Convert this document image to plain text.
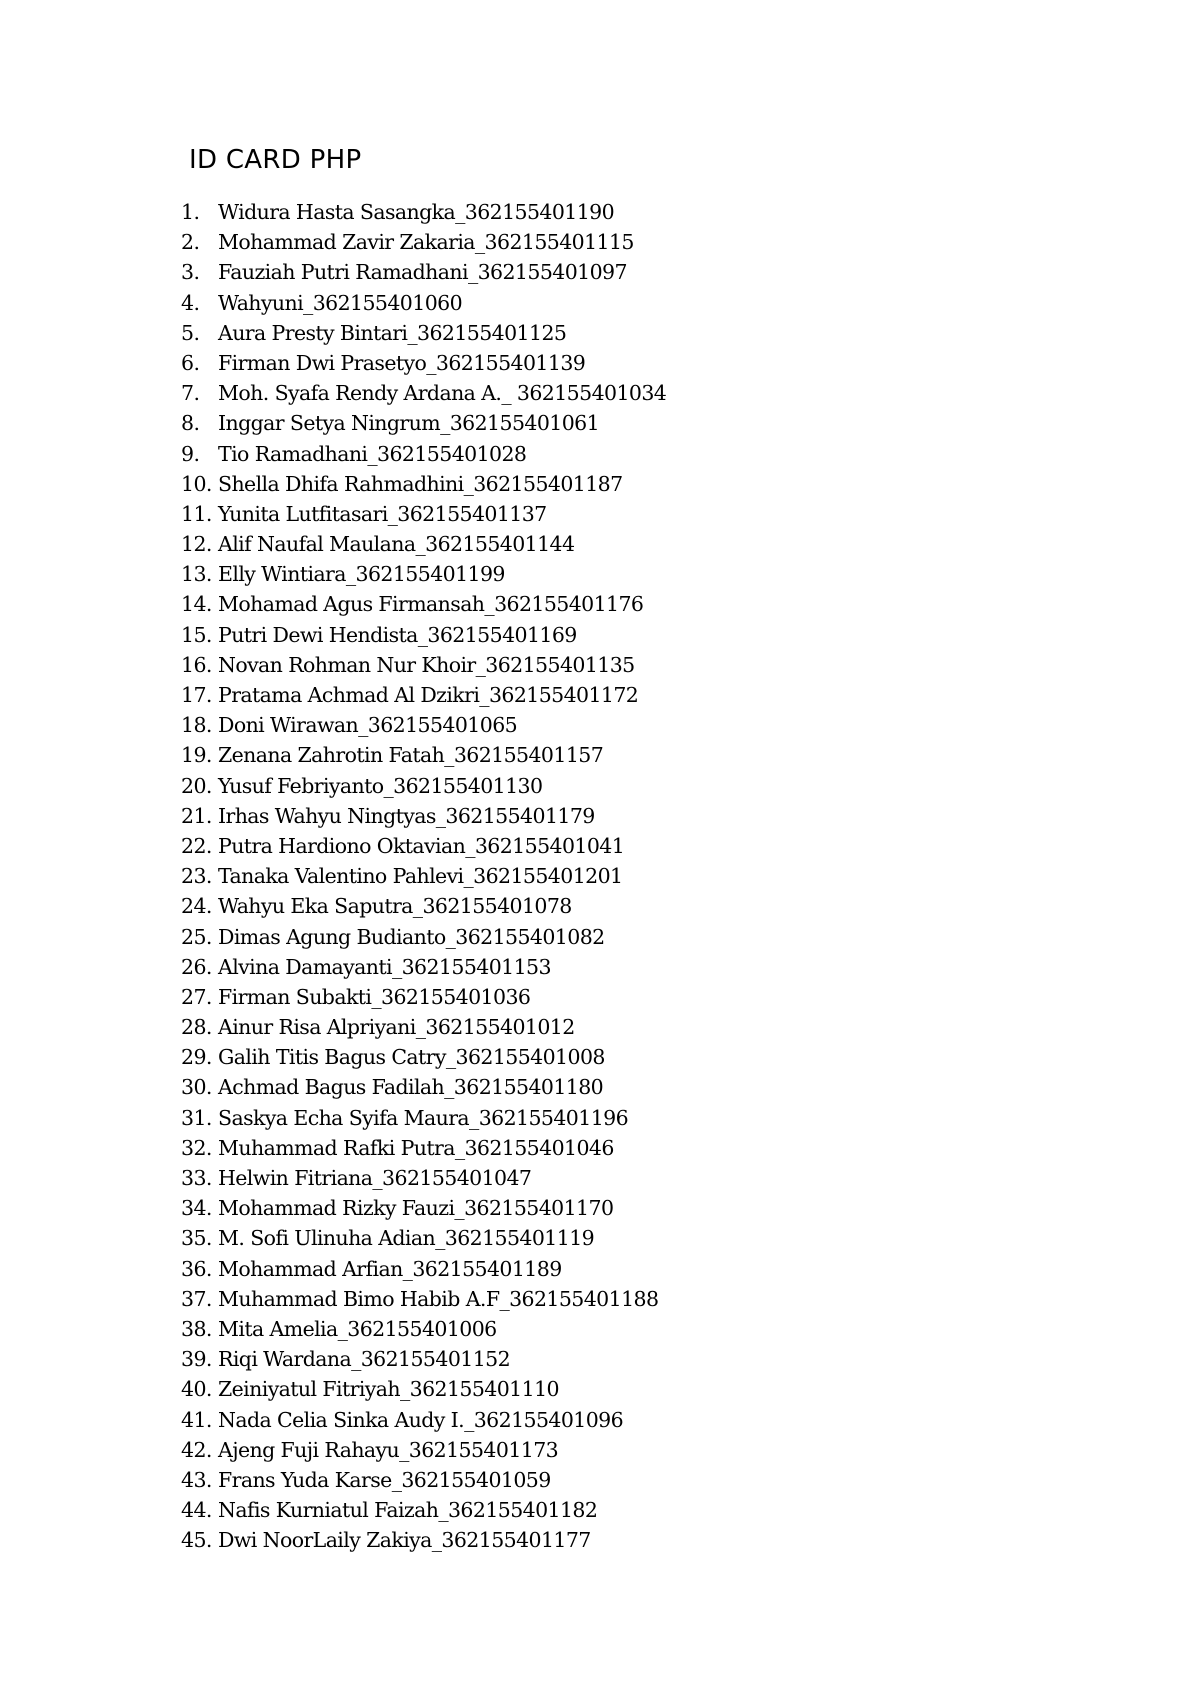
ID CARD PHP
1. Widura Hasta Sasangka_362155401190
2. Mohammad Zavir Zakaria_362155401115
3. Fauziah Putri Ramadhani_362155401097
4. Wahyuni_362155401060
5. Aura Presty Bintari_362155401125
6. Firman Dwi Prasetyo_362155401139
7. Moh. Syafa Rendy Ardana A._ 362155401034
8. Inggar Setya Ningrum_362155401061
9. Tio Ramadhani_362155401028
10. Shella Dhifa Rahmadhini_362155401187
11. Yunita Lutfitasari_362155401137
12. Alif Naufal Maulana_362155401144
13. Elly Wintiara_362155401199
14. Mohamad Agus Firmansah_362155401176
15. Putri Dewi Hendista_362155401169
16. Novan Rohman Nur Khoir_362155401135
17. Pratama Achmad Al Dzikri_362155401172
18. Doni Wirawan_362155401065
19. Zenana Zahrotin Fatah_362155401157
20. Yusuf Febriyanto_362155401130
21. Irhas Wahyu Ningtyas_362155401179
22. Putra Hardiono Oktavian_362155401041
23. Tanaka Valentino Pahlevi_362155401201
24. Wahyu Eka Saputra_362155401078
25. Dimas Agung Budianto_362155401082
26. Alvina Damayanti_362155401153
27. Firman Subakti_362155401036
28. Ainur Risa Alpriyani_362155401012
29. Galih Titis Bagus Catry_362155401008
30. Achmad Bagus Fadilah_362155401180
31. Saskya Echa Syifa Maura_362155401196
32. Muhammad Rafki Putra_362155401046
33. Helwin Fitriana_362155401047
34. Mohammad Rizky Fauzi_362155401170
35. M. Sofi Ulinuha Adian_362155401119
36. Mohammad Arfian_362155401189
37. Muhammad Bimo Habib A.F_362155401188
38. Mita Amelia_362155401006
39. Riqi Wardana_362155401152
40. Zeiniyatul Fitriyah_362155401110
41. Nada Celia Sinka Audy I._362155401096
42. Ajeng Fuji Rahayu_362155401173
43. Frans Yuda Karse_362155401059
44. Nafis Kurniatul Faizah_362155401182
45. Dwi NoorLaily Zakiya_362155401177
